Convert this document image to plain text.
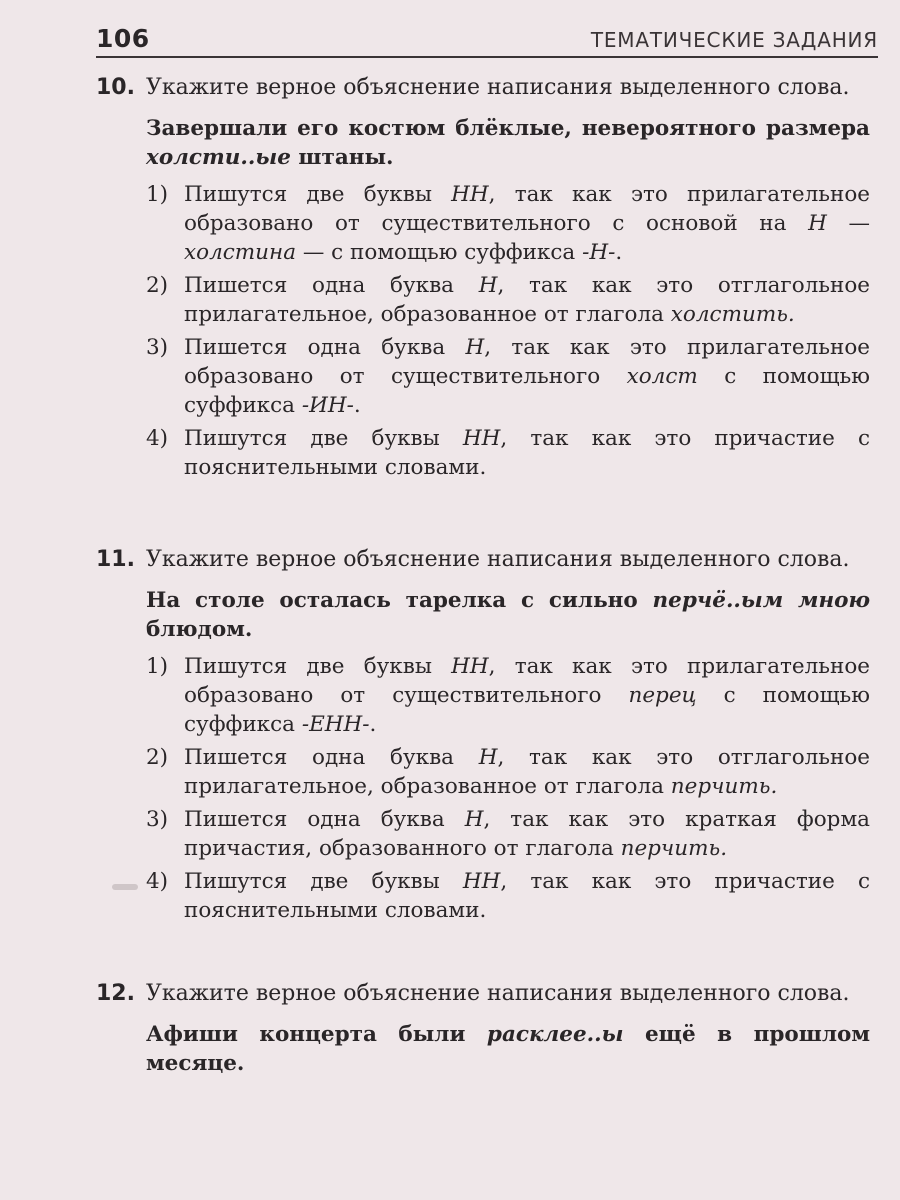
106	ТЕМАТИЧЕСКИЕ ЗАДАНИЯ
10. Укажите верное объяснение написания выделенного слова.
Завершали его костюм блёклые, невероятного размера холсти..ые штаны.
1) Пишутся две буквы НН, так как это прилагательное образовано от существительного с основой на Н — холстина — с помощью суффикса -Н-.
2) Пишется одна буква Н, так как это отглагольное прилагательное, образованное от глагола холстить.
3) Пишется одна буква Н, так как это прилагательное образовано от существительного холст с помощью суффикса -ИН-.
4) Пишутся две буквы НН, так как это причастие с пояснительными словами.
11. Укажите верное объяснение написания выделенного слова.
На столе осталась тарелка с сильно перчё..ым мною блюдом.
1) Пишутся две буквы НН, так как это прилагательное образовано от существительного перец с помощью суффикса -ЕНН-.
2) Пишется одна буква Н, так как это отглагольное прилагательное, образованное от глагола перчить.
3) Пишется одна буква Н, так как это краткая форма причастия, образованного от глагола перчить.
4) Пишутся две буквы НН, так как это причастие с пояснительными словами.
12. Укажите верное объяснение написания выделенного слова.
Афиши концерта были расклее..ы ещё в прошлом месяце.
